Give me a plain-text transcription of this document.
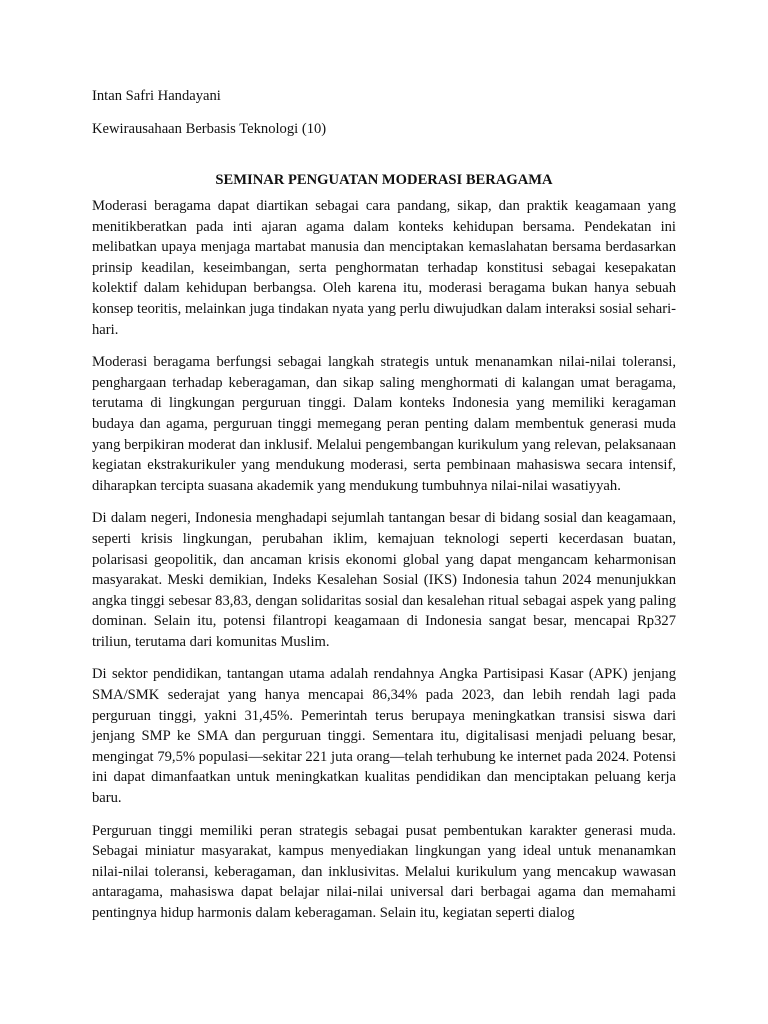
Intan Safri Handayani

Kewirausahaan Berbasis Teknologi (10)

SEMINAR PENGUATAN MODERASI BERAGAMA

Moderasi beragama dapat diartikan sebagai cara pandang, sikap, dan praktik keagamaan yang menitikberatkan pada inti ajaran agama dalam konteks kehidupan bersama. Pendekatan ini melibatkan upaya menjaga martabat manusia dan menciptakan kemaslahatan bersama berdasarkan prinsip keadilan, keseimbangan, serta penghormatan terhadap konstitusi sebagai kesepakatan kolektif dalam kehidupan berbangsa. Oleh karena itu, moderasi beragama bukan hanya sebuah konsep teoritis, melainkan juga tindakan nyata yang perlu diwujudkan dalam interaksi sosial sehari-hari.

Moderasi beragama berfungsi sebagai langkah strategis untuk menanamkan nilai-nilai toleransi, penghargaan terhadap keberagaman, dan sikap saling menghormati di kalangan umat beragama, terutama di lingkungan perguruan tinggi. Dalam konteks Indonesia yang memiliki keragaman budaya dan agama, perguruan tinggi memegang peran penting dalam membentuk generasi muda yang berpikiran moderat dan inklusif. Melalui pengembangan kurikulum yang relevan, pelaksanaan kegiatan ekstrakurikuler yang mendukung moderasi, serta pembinaan mahasiswa secara intensif, diharapkan tercipta suasana akademik yang mendukung tumbuhnya nilai-nilai wasatiyyah.

Di dalam negeri, Indonesia menghadapi sejumlah tantangan besar di bidang sosial dan keagamaan, seperti krisis lingkungan, perubahan iklim, kemajuan teknologi seperti kecerdasan buatan, polarisasi geopolitik, dan ancaman krisis ekonomi global yang dapat mengancam keharmonisan masyarakat. Meski demikian, Indeks Kesalehan Sosial (IKS) Indonesia tahun 2024 menunjukkan angka tinggi sebesar 83,83, dengan solidaritas sosial dan kesalehan ritual sebagai aspek yang paling dominan. Selain itu, potensi filantropi keagamaan di Indonesia sangat besar, mencapai Rp327 triliun, terutama dari komunitas Muslim.

Di sektor pendidikan, tantangan utama adalah rendahnya Angka Partisipasi Kasar (APK) jenjang SMA/SMK sederajat yang hanya mencapai 86,34% pada 2023, dan lebih rendah lagi pada perguruan tinggi, yakni 31,45%. Pemerintah terus berupaya meningkatkan transisi siswa dari jenjang SMP ke SMA dan perguruan tinggi. Sementara itu, digitalisasi menjadi peluang besar, mengingat 79,5% populasi—sekitar 221 juta orang—telah terhubung ke internet pada 2024. Potensi ini dapat dimanfaatkan untuk meningkatkan kualitas pendidikan dan menciptakan peluang kerja baru.

Perguruan tinggi memiliki peran strategis sebagai pusat pembentukan karakter generasi muda. Sebagai miniatur masyarakat, kampus menyediakan lingkungan yang ideal untuk menanamkan nilai-nilai toleransi, keberagaman, dan inklusivitas. Melalui kurikulum yang mencakup wawasan antaragama, mahasiswa dapat belajar nilai-nilai universal dari berbagai agama dan memahami pentingnya hidup harmonis dalam keberagaman. Selain itu, kegiatan seperti dialog
